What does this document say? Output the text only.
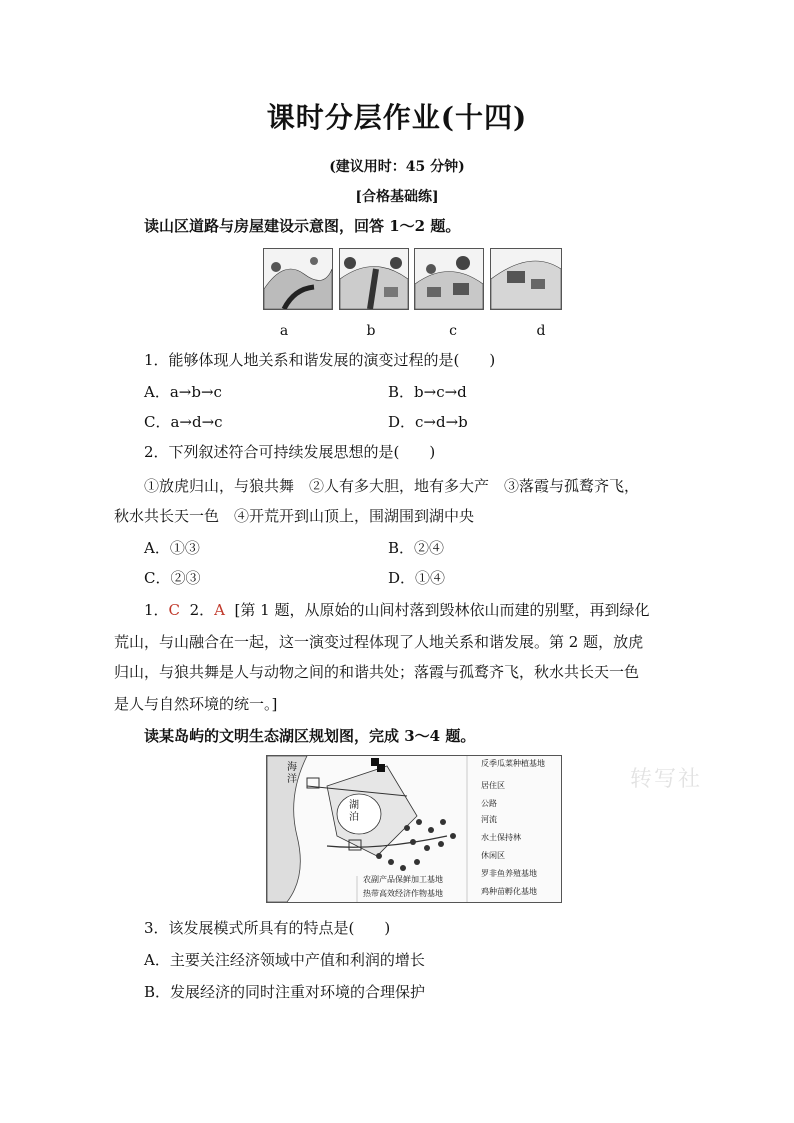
课时分层作业(十四)
(建议用时：45 分钟)
[合格基础练]
读山区道路与房屋建设示意图，回答 1～2 题。
a	b	c	d
1．能够体现人地关系和谐发展的演变过程的是(　　)
A．a→b→c	B．b→c→d
C．a→d→c	D．c→d→b
2．下列叙述符合可持续发展思想的是(　　)
①放虎归山，与狼共舞　②人有多大胆，地有多大产　③落霞与孤鹜齐飞，
秋水共长天一色　④开荒开到山顶上，围湖围到湖中央
A．①③	B．②④
C．②③	D．①④
1．C 2．A [第 1 题，从原始的山间村落到毁林依山而建的别墅，再到绿化
荒山，与山融合在一起，这一演变过程体现了人地关系和谐发展。第 2 题，放虎
归山，与狼共舞是人与动物之间的和谐共处；落霞与孤鹜齐飞，秋水共长天一色
是人与自然环境的统一。]
读某岛屿的文明生态湖区规划图，完成 3～4 题。
海洋
湖泊
反季瓜菜种植基地
居住区
公路
河流
水土保持林
休闲区
罗非鱼养殖基地
鸡种苗孵化基地
农副产品保鲜加工基地
热带高效经济作物基地
转写社
3．该发展模式所具有的特点是(　　)
A．主要关注经济领域中产值和利润的增长
B．发展经济的同时注重对环境的合理保护
